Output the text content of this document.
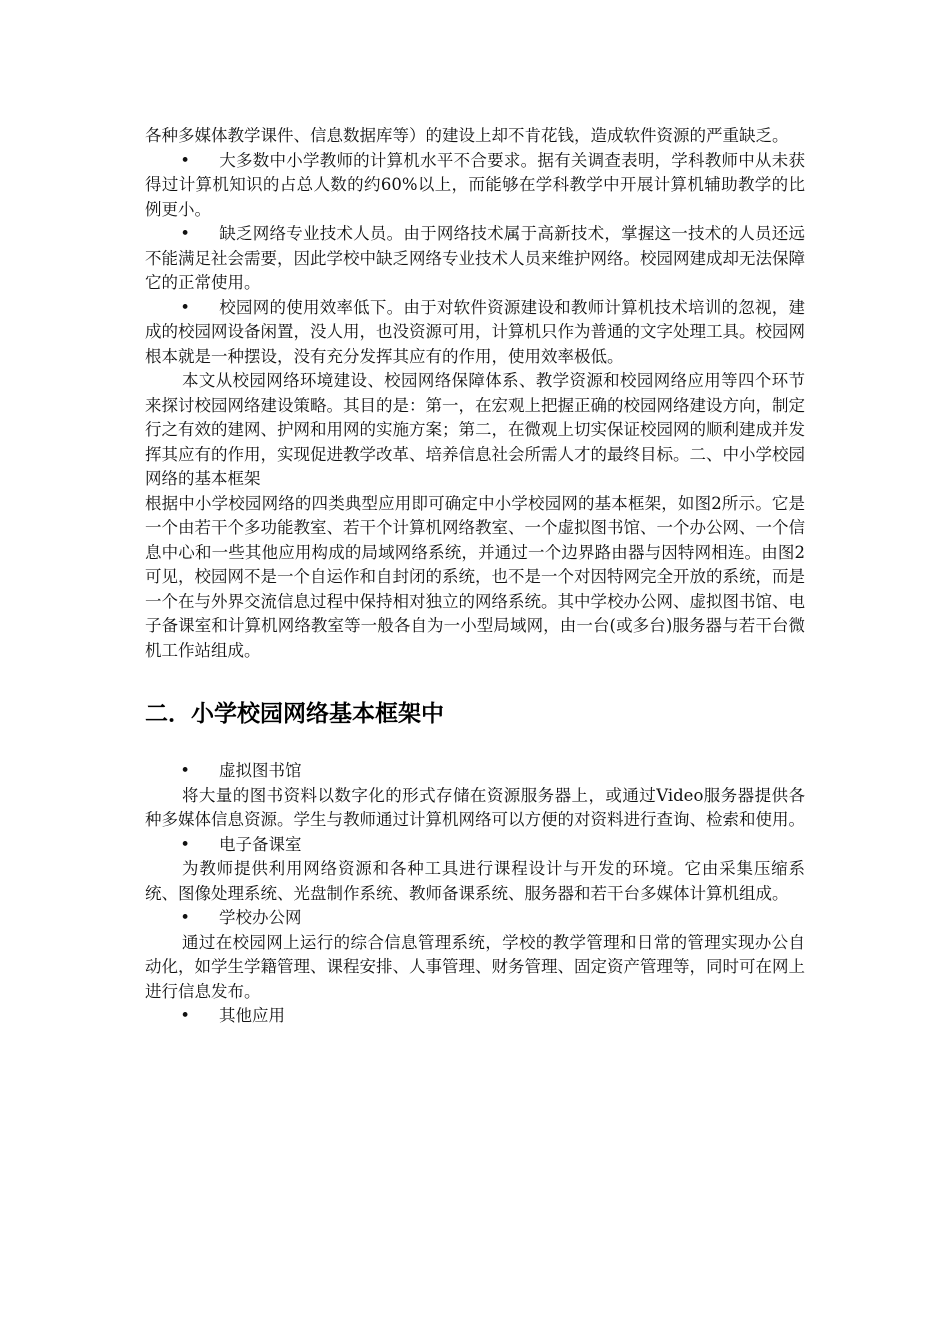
各种多媒体教学课件、信息数据库等）的建设上却不肯花钱，造成软件资源的严重缺乏。

• 大多数中小学教师的计算机水平不合要求。据有关调查表明，学科教师中从未获得过计算机知识的占总人数的约60%以上，而能够在学科教学中开展计算机辅助教学的比例更小。

• 缺乏网络专业技术人员。由于网络技术属于高新技术，掌握这一技术的人员还远不能满足社会需要，因此学校中缺乏网络专业技术人员来维护网络。校园网建成却无法保障它的正常使用。

• 校园网的使用效率低下。由于对软件资源建设和教师计算机技术培训的忽视，建成的校园网设备闲置，没人用，也没资源可用，计算机只作为普通的文字处理工具。校园网根本就是一种摆设，没有充分发挥其应有的作用，使用效率极低。

本文从校园网络环境建设、校园网络保障体系、教学资源和校园网络应用等四个环节来探讨校园网络建设策略。其目的是：第一，在宏观上把握正确的校园网络建设方向，制定行之有效的建网、护网和用网的实施方案；第二，在微观上切实保证校园网的顺利建成并发挥其应有的作用，实现促进教学改革、培养信息社会所需人才的最终目标。二、中小学校园网络的基本框架

根据中小学校园网络的四类典型应用即可确定中小学校园网的基本框架，如图2所示。它是一个由若干个多功能教室、若干个计算机网络教室、一个虚拟图书馆、一个办公网、一个信息中心和一些其他应用构成的局域网络系统，并通过一个边界路由器与因特网相连。由图2可见，校园网不是一个自运作和自封闭的系统，也不是一个对因特网完全开放的系统，而是一个在与外界交流信息过程中保持相对独立的网络系统。其中学校办公网、虚拟图书馆、电子备课室和计算机网络教室等一般各自为一小型局域网，由一台(或多台)服务器与若干台微机工作站组成。

二．小学校园网络基本框架中

• 虚拟图书馆

将大量的图书资料以数字化的形式存储在资源服务器上，或通过Video服务器提供各种多媒体信息资源。学生与教师通过计算机网络可以方便的对资料进行查询、检索和使用。

• 电子备课室

为教师提供利用网络资源和各种工具进行课程设计与开发的环境。它由采集压缩系统、图像处理系统、光盘制作系统、教师备课系统、服务器和若干台多媒体计算机组成。

• 学校办公网

通过在校园网上运行的综合信息管理系统，学校的教学管理和日常的管理实现办公自动化，如学生学籍管理、课程安排、人事管理、财务管理、固定资产管理等，同时可在网上进行信息发布。

• 其他应用
